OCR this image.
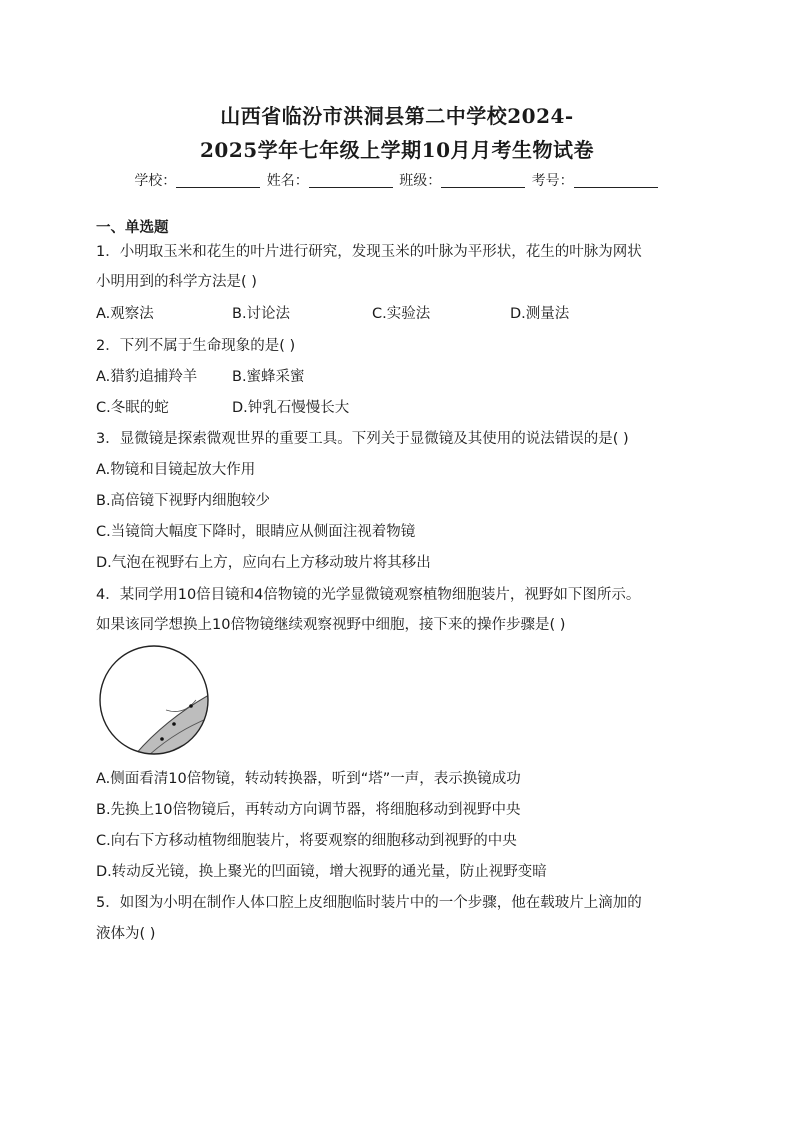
山西省临汾市洪洞县第二中学校2024-
2025学年七年级上学期10月月考生物试卷
学校：	姓名：	班级：	考号：
一、单选题
1．小明取玉米和花生的叶片进行研究，发现玉米的叶脉为平形状，花生的叶脉为网状
小明用到的科学方法是( )
A.观察法	B.讨论法	C.实验法	D.测量法
2．下列不属于生命现象的是( )
A.猎豹追捕羚羊 B.蜜蜂采蜜
C.冬眠的蛇	D.钟乳石慢慢长大
3．显微镜是探索微观世界的重要工具。下列关于显微镜及其使用的说法错误的是( )
A.物镜和目镜起放大作用
B.高倍镜下视野内细胞较少
C.当镜筒大幅度下降时，眼睛应从侧面注视着物镜
D.气泡在视野右上方，应向右上方移动玻片将其移出
4．某同学用10倍目镜和4倍物镜的光学显微镜观察植物细胞装片，视野如下图所示。
如果该同学想换上10倍物镜继续观察视野中细胞，接下来的操作步骤是( )
A.侧面看清10倍物镜，转动转换器，听到“塔”一声，表示换镜成功
B.先换上10倍物镜后，再转动方向调节器，将细胞移动到视野中央
C.向右下方移动植物细胞装片，将要观察的细胞移动到视野的中央
D.转动反光镜，换上聚光的凹面镜，增大视野的通光量，防止视野变暗
5．如图为小明在制作人体口腔上皮细胞临时装片中的一个步骤，他在载玻片上滴加的
液体为( )
